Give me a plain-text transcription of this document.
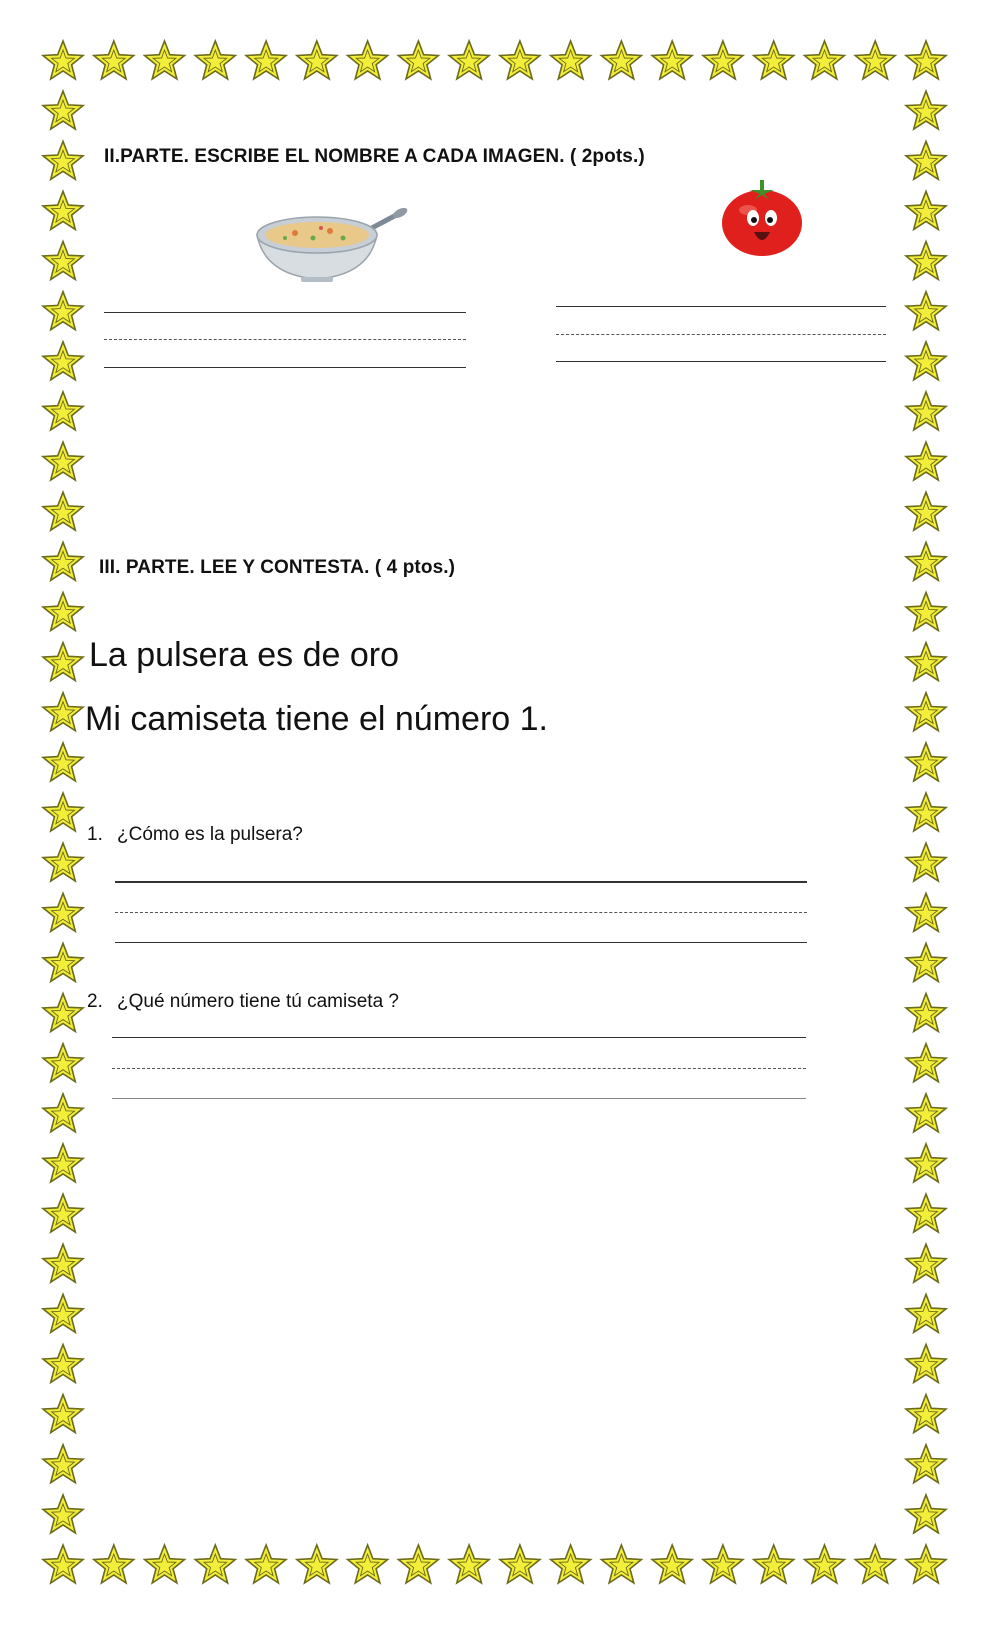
II.PARTE. ESCRIBE EL NOMBRE A CADA IMAGEN. ( 2pots.)
III. PARTE. LEE Y CONTESTA. ( 4 ptos.)
La pulsera es de oro
Mi camiseta tiene el número 1.
1. ¿Cómo es la pulsera?
2. ¿Qué número tiene tú camiseta ?
